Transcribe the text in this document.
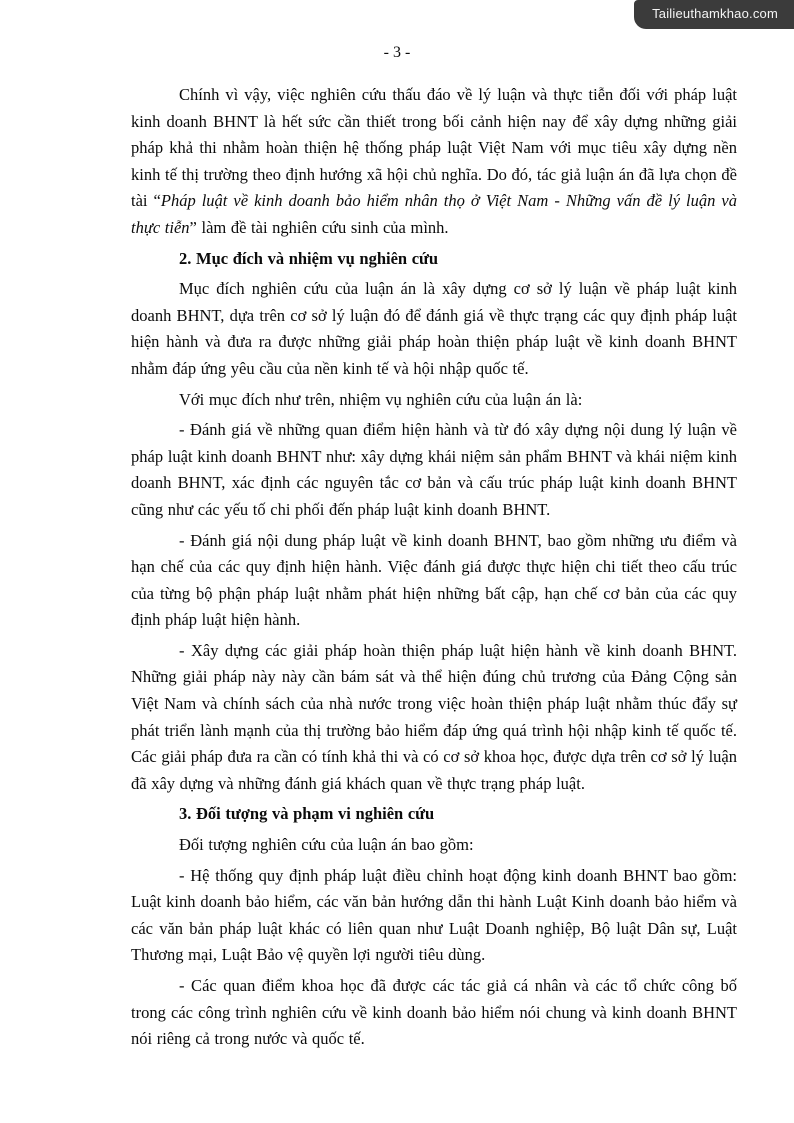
Tailieuthamkhao.com
- 3 -

Chính vì vậy, việc nghiên cứu thấu đáo về lý luận và thực tiễn đối với pháp luật kinh doanh BHNT là hết sức cần thiết trong bối cảnh hiện nay để xây dựng những giải pháp khả thi nhằm hoàn thiện hệ thống pháp luật Việt Nam với mục tiêu xây dựng nền kinh tế thị trường theo định hướng xã hội chủ nghĩa. Do đó, tác giả luận án đã lựa chọn đề tài “Pháp luật về kinh doanh bảo hiểm nhân thọ ở Việt Nam - Những vấn đề lý luận và thực tiễn” làm đề tài nghiên cứu sinh của mình.

2. Mục đích và nhiệm vụ nghiên cứu

Mục đích nghiên cứu của luận án là xây dựng cơ sở lý luận về pháp luật kinh doanh BHNT, dựa trên cơ sở lý luận đó để đánh giá về thực trạng các quy định pháp luật hiện hành và đưa ra được những giải pháp hoàn thiện pháp luật về kinh doanh BHNT nhằm đáp ứng yêu cầu của nền kinh tế và hội nhập quốc tế.

Với mục đích như trên, nhiệm vụ nghiên cứu của luận án là:

- Đánh giá về những quan điểm hiện hành và từ đó xây dựng nội dung lý luận về pháp luật kinh doanh BHNT như: xây dựng khái niệm sản phẩm BHNT và khái niệm kinh doanh BHNT, xác định các nguyên tắc cơ bản và cấu trúc pháp luật kinh doanh BHNT cũng như các yếu tố chi phối đến pháp luật kinh doanh BHNT.

- Đánh giá nội dung pháp luật về kinh doanh BHNT, bao gồm những ưu điểm và hạn chế của các quy định hiện hành. Việc đánh giá được thực hiện chi tiết theo cấu trúc của từng bộ phận pháp luật nhằm phát hiện những bất cập, hạn chế cơ bản của các quy định pháp luật hiện hành.

- Xây dựng các giải pháp hoàn thiện pháp luật hiện hành về kinh doanh BHNT. Những giải pháp này này cần bám sát và thể hiện đúng chủ trương của Đảng Cộng sản Việt Nam và chính sách của nhà nước trong việc hoàn thiện pháp luật nhằm thúc đẩy sự phát triển lành mạnh của thị trường bảo hiểm đáp ứng quá trình hội nhập kinh tế quốc tế. Các giải pháp đưa ra cần có tính khả thi và có cơ sở khoa học, được dựa trên cơ sở lý luận đã xây dựng và những đánh giá khách quan về thực trạng pháp luật.

3. Đối tượng và phạm vi nghiên cứu

Đối tượng nghiên cứu của luận án bao gồm:

- Hệ thống quy định pháp luật điều chỉnh hoạt động kinh doanh BHNT bao gồm: Luật kinh doanh bảo hiểm, các văn bản hướng dẫn thi hành Luật Kinh doanh bảo hiểm và các văn bản pháp luật khác có liên quan như Luật Doanh nghiệp, Bộ luật Dân sự, Luật Thương mại, Luật Bảo vệ quyền lợi người tiêu dùng.

- Các quan điểm khoa học đã được các tác giả cá nhân và các tổ chức công bố trong các công trình nghiên cứu về kinh doanh bảo hiểm nói chung và kinh doanh BHNT nói riêng cả trong nước và quốc tế.
